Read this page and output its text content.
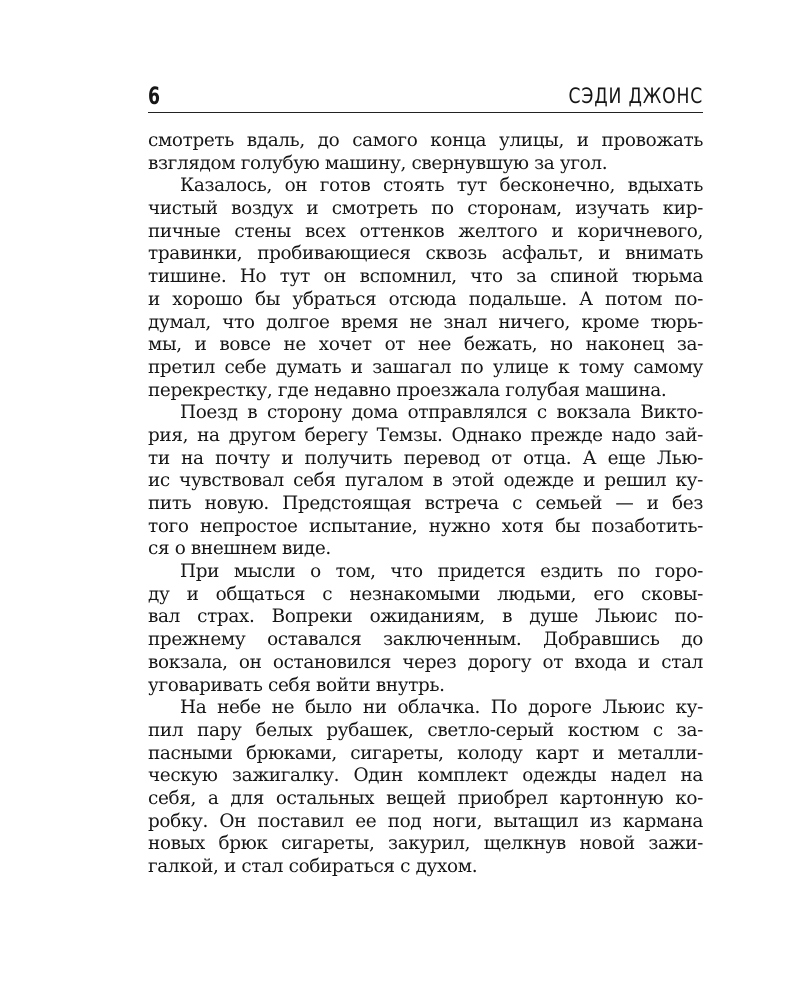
6	СЭДИ ДЖОНС
смотреть вдаль, до самого конца улицы, и провожать
взглядом голубую машину, свернувшую за угол.
Казалось, он готов стоять тут бесконечно, вдыхать
чистый воздух и смотреть по сторонам, изучать кир-
пичные стены всех оттенков желтого и коричневого,
травинки, пробивающиеся сквозь асфальт, и внимать
тишине. Но тут он вспомнил, что за спиной тюрьма
и хорошо бы убраться отсюда подальше. А потом по-
думал, что долгое время не знал ничего, кроме тюрь-
мы, и вовсе не хочет от нее бежать, но наконец за-
претил себе думать и зашагал по улице к тому самому
перекрестку, где недавно проезжала голубая машина.
Поезд в сторону дома отправлялся с вокзала Викто-
рия, на другом берегу Темзы. Однако прежде надо зай-
ти на почту и получить перевод от отца. А еще Лью-
ис чувствовал себя пугалом в этой одежде и решил ку-
пить новую. Предстоящая встреча с семьей — и без
того непростое испытание, нужно хотя бы позаботить-
ся о внешнем виде.
При мысли о том, что придется ездить по горо-
ду и общаться с незнакомыми людьми, его сковы-
вал страх. Вопреки ожиданиям, в душе Льюис по-
прежнему оставался заключенным. Добравшись до
вокзала, он остановился через дорогу от входа и стал
уговаривать себя войти внутрь.
На небе не было ни облачка. По дороге Льюис ку-
пил пару белых рубашек, светло-серый костюм с за-
пасными брюками, сигареты, колоду карт и металли-
ческую зажигалку. Один комплект одежды надел на
себя, а для остальных вещей приобрел картонную ко-
робку. Он поставил ее под ноги, вытащил из кармана
новых брюк сигареты, закурил, щелкнув новой зажи-
галкой, и стал собираться с духом.
